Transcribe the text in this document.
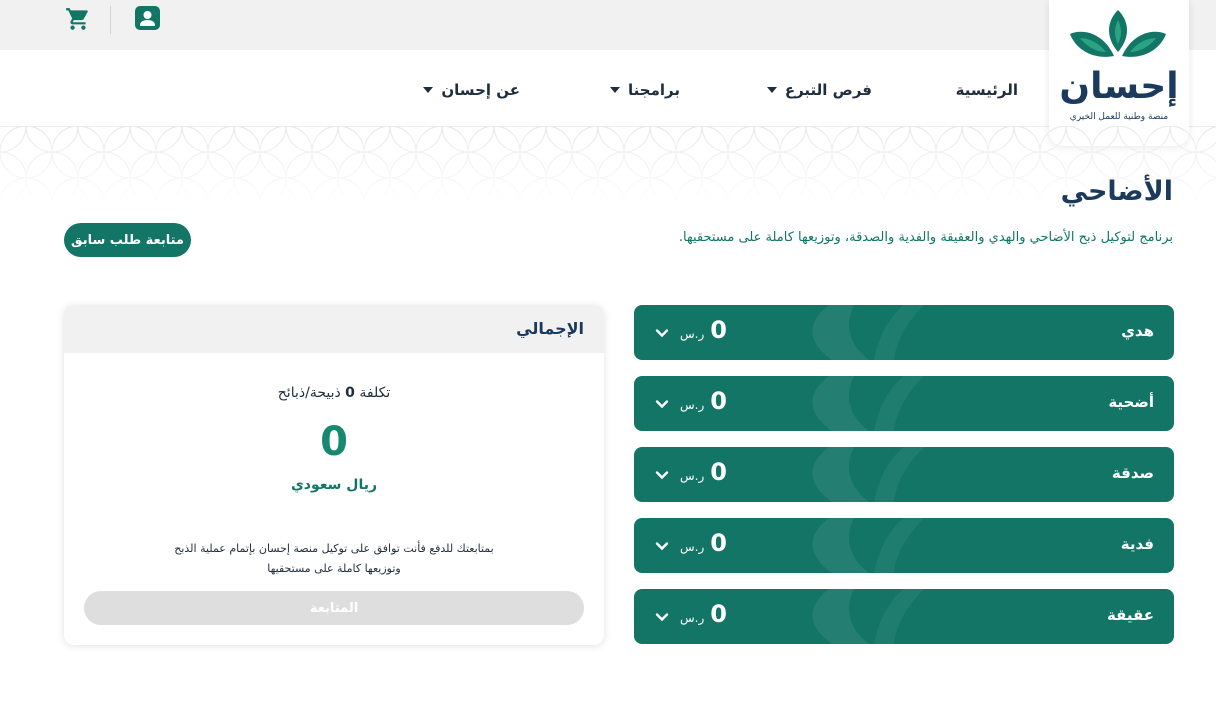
الرئيسية
فرص التبرع
برامجنا
عن إحسان	إحسان
منصة وطنية للعمل الخيري
الأضاحي
برنامج لتوكيل ذبح الأضاحي والهدي والعقيقة والفدية والصدقة، وتوزيعها كاملة على مستحقيها.
متابعة طلب سابق
هدي
ر.س 0
أضحية
ر.س 0
صدقة
ر.س 0
فدية
ر.س 0
عقيقة
ر.س 0
الإجمالي
تكلفة 0 ذبيحة/ذبائح
0
ريال سعودي
بمتابعتك للدفع فأنت توافق على توكيل منصة إحسان بإتمام عملية الذبح
وتوزيعها كاملة على مستحقيها
المتابعة
